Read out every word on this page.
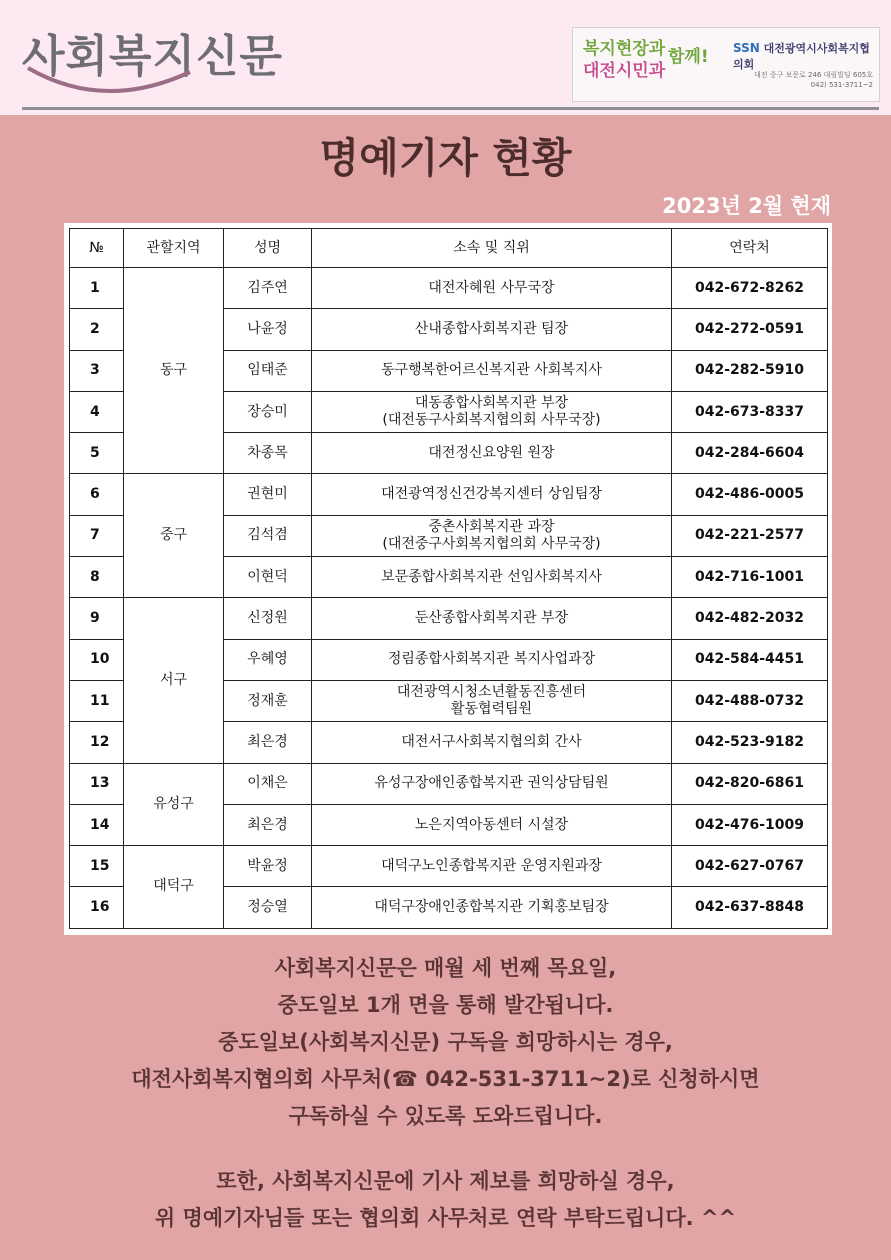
사회복지신문	복지현장과
대전시민과
함께!	SSN 대전광역시사회복지협의회
대전 중구 보문로 246 대림빌딩 605호
042) 531-3711~2
명예기자 현황
2023년 2월 현재
№	관할지역	성명	소속 및 직위	연락처
1	동구	김주연	대전자혜원 사무국장	042-672-8262
2		나윤정	산내종합사회복지관 팀장	042-272-0591
3		임태준	동구행복한어르신복지관 사회복지사	042-282-5910
4		장승미	대동종합사회복지관 부장
(대전동구사회복지협의회 사무국장)	042-673-8337
5		차종목	대전정신요양원 원장	042-284-6604
6	중구	권현미	대전광역정신건강복지센터 상임팀장	042-486-0005
7		김석겸	중촌사회복지관 과장
(대전중구사회복지협의회 사무국장)	042-221-2577
8		이현덕	보문종합사회복지관 선임사회복지사	042-716-1001
9	서구	신정원	둔산종합사회복지관 부장	042-482-2032
10		우혜영	정림종합사회복지관 복지사업과장	042-584-4451
11		정재훈	대전광역시청소년활동진흥센터
활동협력팀원	042-488-0732
12		최은경	대전서구사회복지협의회 간사	042-523-9182
13	유성구	이채은	유성구장애인종합복지관 권익상담팀원	042-820-6861
14		최은경	노은지역아동센터 시설장	042-476-1009
15	대덕구	박윤정	대덕구노인종합복지관 운영지원과장	042-627-0767
16		정승열	대덕구장애인종합복지관 기획홍보팀장	042-637-8848

사회복지신문은 매월 세 번째 목요일,

중도일보 1개 면을 통해 발간됩니다.

중도일보(사회복지신문) 구독을 희망하시는 경우,

대전사회복지협의회 사무처(☎ 042-531-3711~2)로 신청하시면

구독하실 수 있도록 도와드립니다.

또한, 사회복지신문에 기사 제보를 희망하실 경우,

위 명예기자님들 또는 협의회 사무처로 연락 부탁드립니다. ^^
